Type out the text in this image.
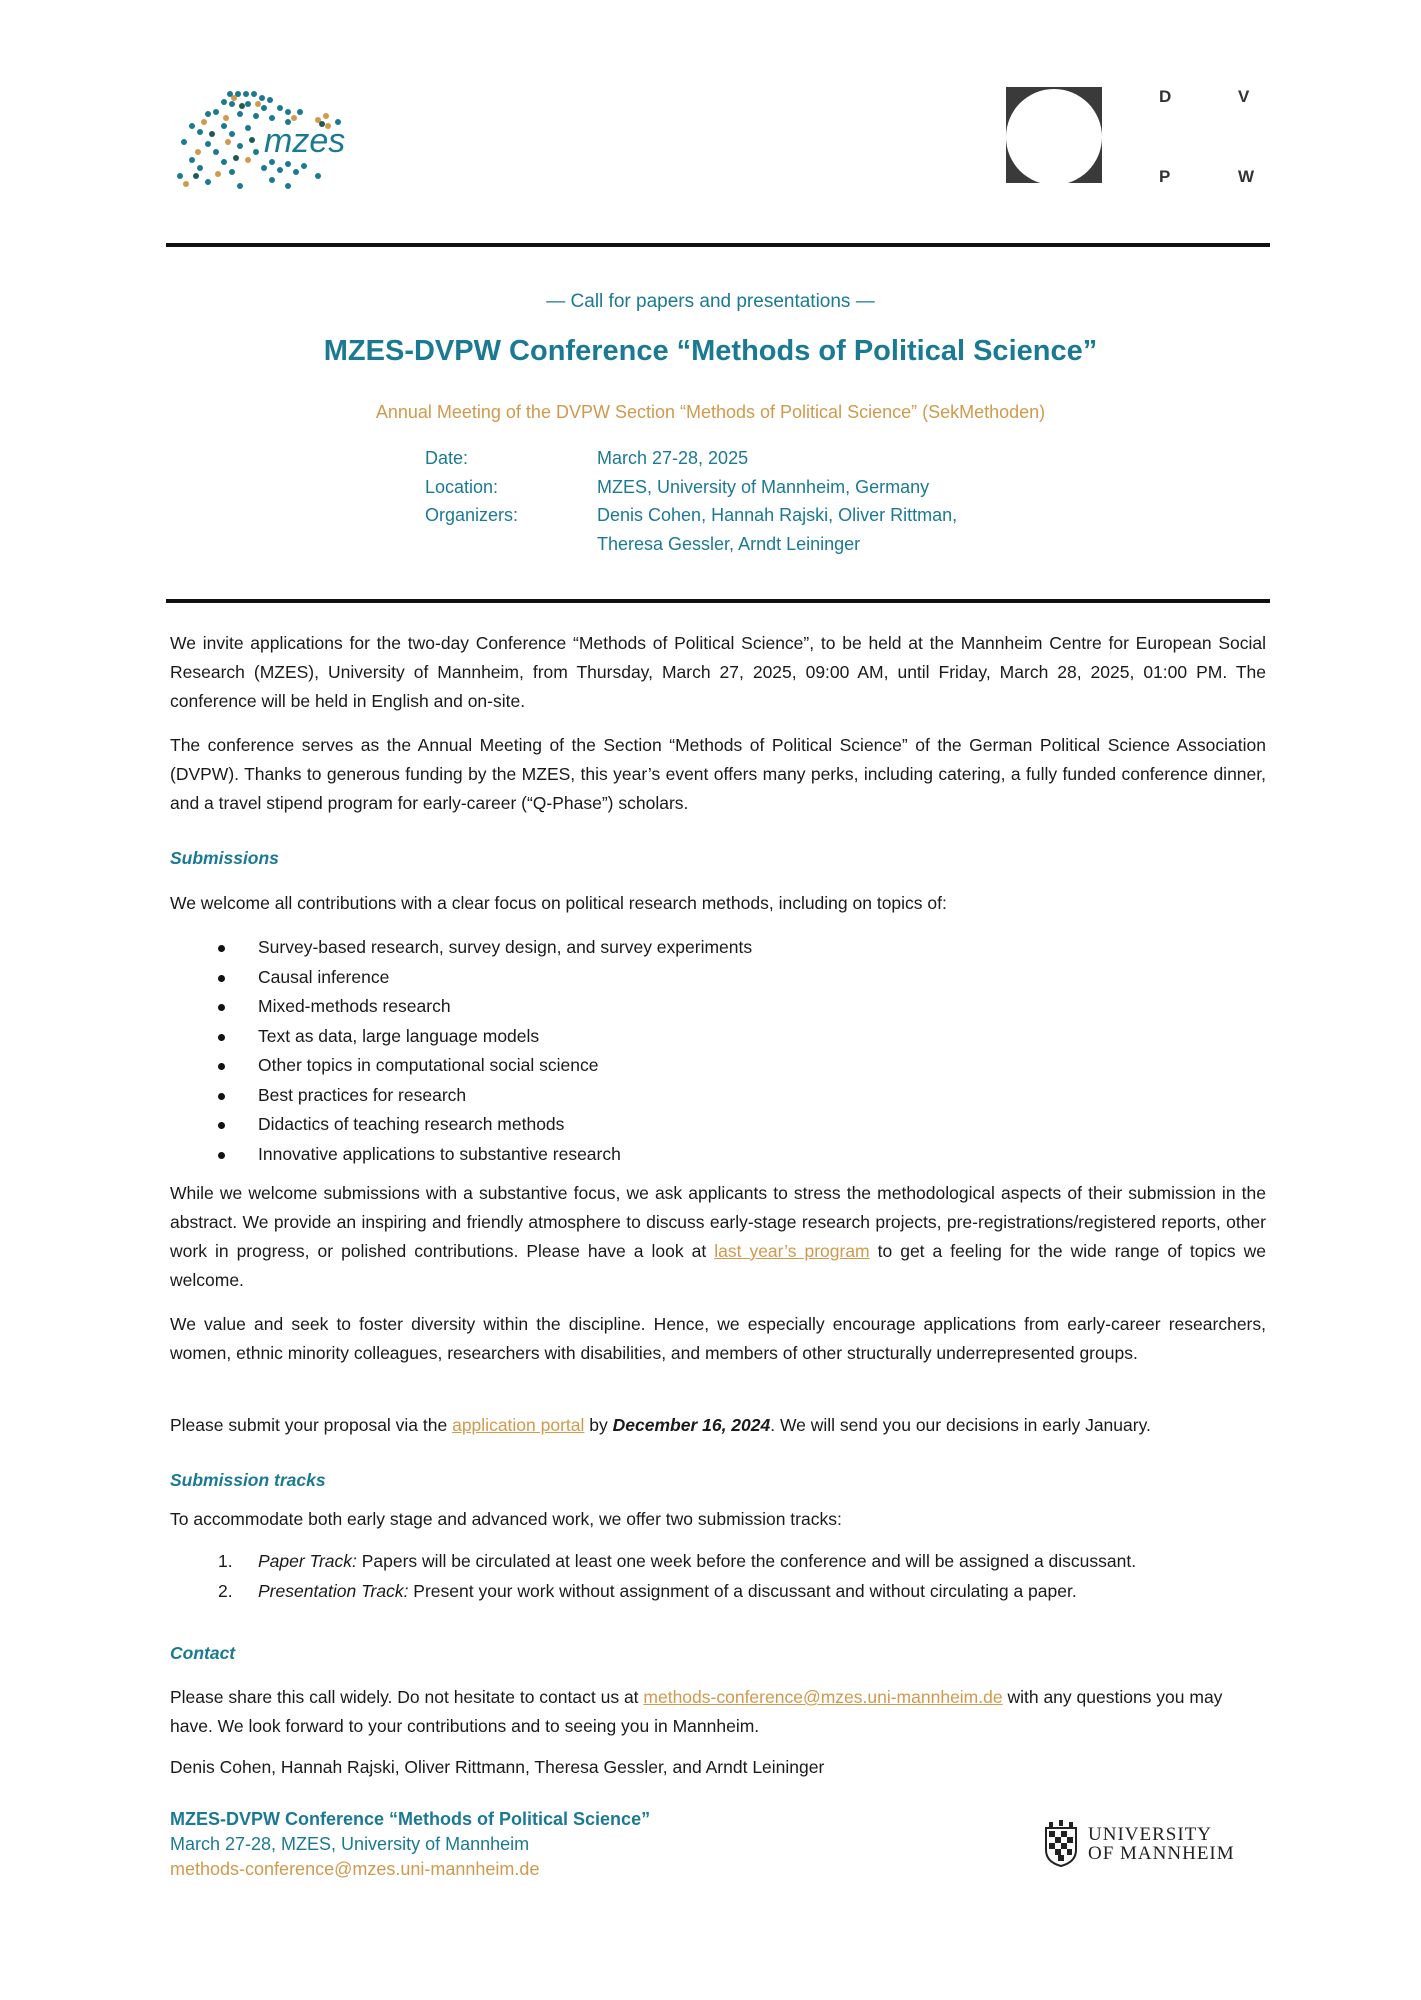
mzes
D	V
P	W
— Call for papers and presentations —
MZES-DVPW Conference “Methods of Political Science”
Annual Meeting of the DVPW Section “Methods of Political Science” (SekMethoden)
Date:	March 27-28, 2025
Location:	MZES, University of Mannheim, Germany
Organizers:	Denis Cohen, Hannah Rajski, Oliver Rittman,
Theresa Gessler, Arndt Leininger

We invite applications for the two-day Conference “Methods of Political Science”, to be held at the Mannheim Centre for European Social Research (MZES), University of Mannheim, from Thursday, March 27, 2025, 09:00 AM, until Friday, March 28, 2025, 01:00 PM. The conference will be held in English and on-site.

The conference serves as the Annual Meeting of the Section “Methods of Political Science” of the German Political Science Association (DVPW). Thanks to generous funding by the MZES, this year’s event offers many perks, including catering, a fully funded conference dinner, and a travel stipend program for early-career (“Q-Phase”) scholars.

Submissions

We welcome all contributions with a clear focus on political research methods, including on topics of:

Survey-based research, survey design, and survey experiments
Causal inference
Mixed-methods research
Text as data, large language models
Other topics in computational social science
Best practices for research
Didactics of teaching research methods
Innovative applications to substantive research

While we welcome submissions with a substantive focus, we ask applicants to stress the methodological aspects of their submission in the abstract. We provide an inspiring and friendly atmosphere to discuss early-stage research projects, pre-registrations/registered reports, other work in progress, or polished contributions. Please have a look at last year’s program to get a feeling for the wide range of topics we welcome.

We value and seek to foster diversity within the discipline. Hence, we especially encourage applications from early-career researchers, women, ethnic minority colleagues, researchers with disabilities, and members of other structurally underrepresented groups.

Please submit your proposal via the application portal by December 16, 2024. We will send you our decisions in early January.

Submission tracks

To accommodate both early stage and advanced work, we offer two submission tracks:

1. Paper Track: Papers will be circulated at least one week before the conference and will be assigned a discussant.
2. Presentation Track: Present your work without assignment of a discussant and without circulating a paper.
Contact

Please share this call widely. Do not hesitate to contact us at methods-conference@mzes.uni-mannheim.de with any questions you may have. We look forward to your contributions and to seeing you in Mannheim.

Denis Cohen, Hannah Rajski, Oliver Rittmann, Theresa Gessler, and Arndt Leininger

MZES-DVPW Conference “Methods of Political Science”
March 27-28, MZES, University of Mannheim
methods-conference@mzes.uni-mannheim.de
UNIVERSITY
OF MANNHEIM
